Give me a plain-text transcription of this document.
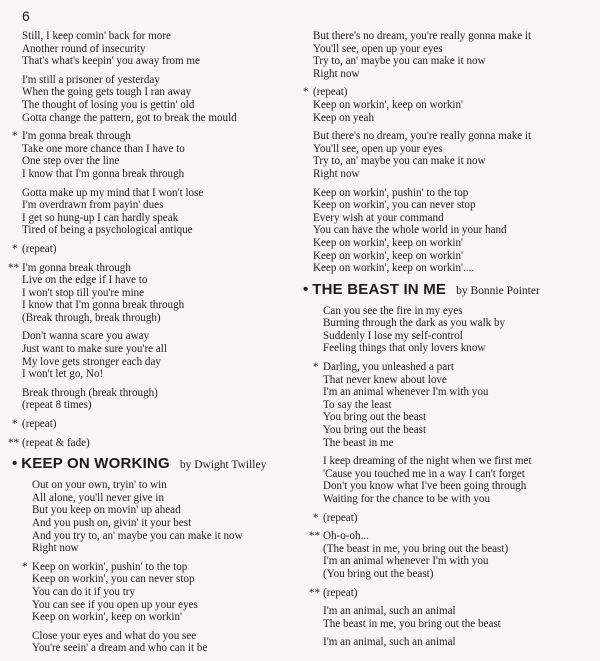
6
Still, I keep comin' back for more
Another round of insecurity
That's what's keepin' you away from me
I'm still a prisoner of yesterday
When the going gets tough I ran away
The thought of losing you is gettin' old
Gotta change the pattern, got to break the mould
* I'm gonna break through
Take one more chance than I have to
One step over the line
I know that I'm gonna break through
Gotta make up my mind that I won't lose
I'm overdrawn from payin' dues
I get so hung-up I can hardly speak
Tired of being a psychological antique
* (repeat)
** I'm gonna break through
Live on the edge if I have to
I won't stop till you're mine
I know that I'm gonna break through
(Break through, break through)
Don't wanna scare you away
Just want to make sure you're all
My love gets stronger each day
I won't let go, No!
Break through (break through)
(repeat 8 times)
* (repeat)
** (repeat & fade)
• KEEP ON WORKING by Dwight Twilley
Out on your own, tryin' to win
All alone, you'll never give in
But you keep on movin' up ahead
And you push on, givin' it your best
And you try to, an' maybe you can make it now
Right now
* Keep on workin', pushin' to the top
Keep on workin', you can never stop
You can do it if you try
You can see if you open up your eyes
Keep on workin', keep on workin'
Close your eyes and what do you see
You're seein' a dream and who can it be
But there's no dream, you're really gonna make it
You'll see, open up your eyes
Try to, an' maybe you can make it now
Right now
* (repeat)
Keep on workin', keep on workin'
Keep on yeah
But there's no dream, you're really gonna make it
You'll see, open up your eyes
Try to, an' maybe you can make it now
Right now
Keep on workin', pushin' to the top
Keep on workin', you can never stop
Every wish at your command
You can have the whole world in your hand
Keep on workin', keep on workin'
Keep on workin', keep on workin'
Keep on workin', keep on workin'....
• THE BEAST IN ME by Bonnie Pointer
Can you see the fire in my eyes
Burning through the dark as you walk by
Suddenly I lose my self-control
Feeling things that only lovers know
* Darling, you unleashed a part
That never knew about love
I'm an animal whenever I'm with you
To say the least
You bring out the beast
You bring out the beast
The beast in me
I keep dreaming of the night when we first met
'Cause you touched me in a way I can't forget
Don't you know what I've been going through
Waiting for the chance to be with you
* (repeat)
** Oh-o-oh...
(The beast in me, you bring out the beast)
I'm an animal whenever I'm with you
(You bring out the beast)
** (repeat)
I'm an animal, such an animal
The beast in me, you bring out the beast
I'm an animal, such an animal
